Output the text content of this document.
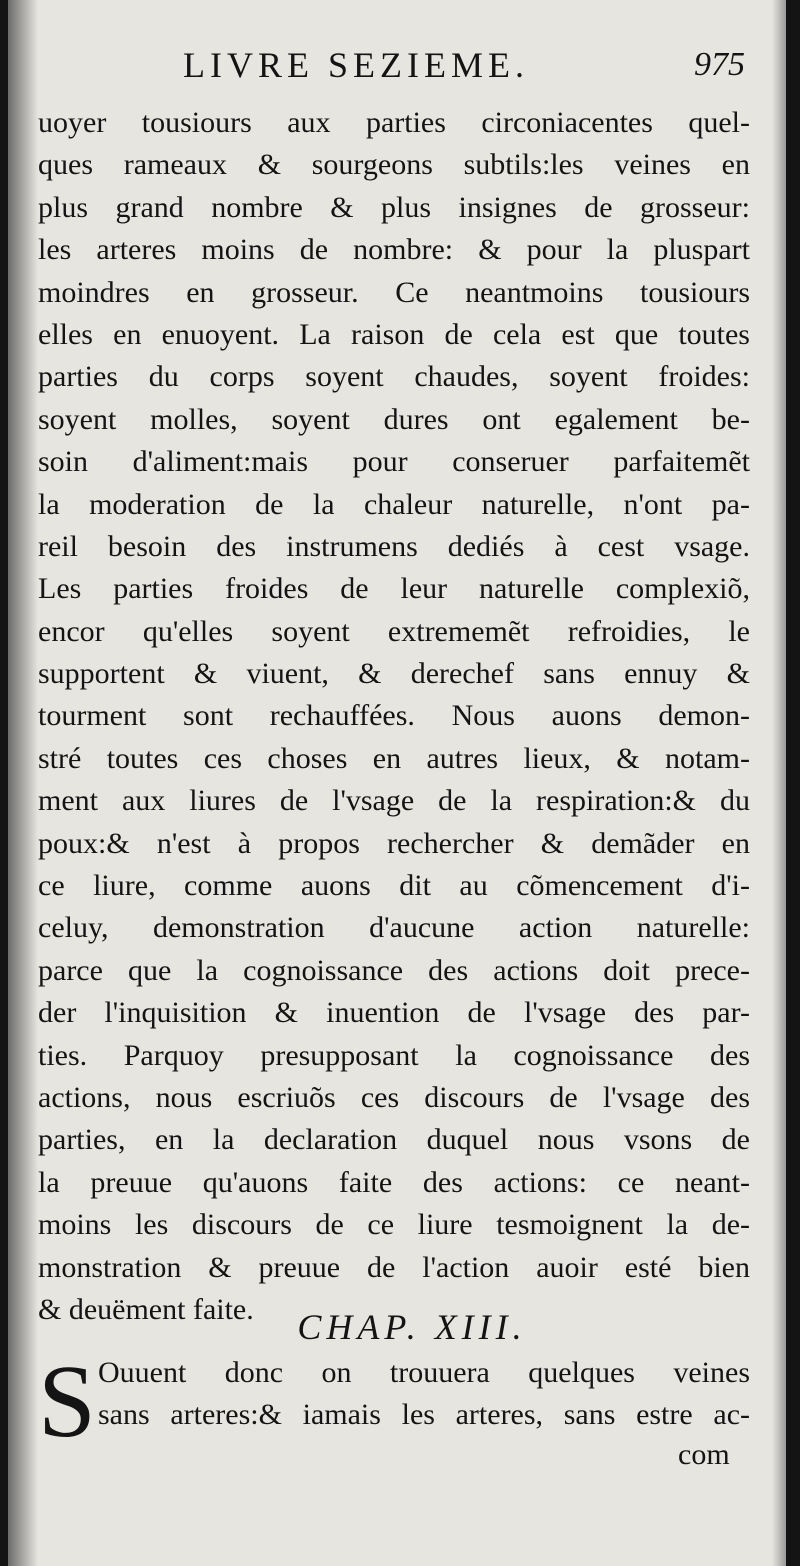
LIVRE SEZIEME.	975
uoyer tousiours aux parties circoniacentes quel-
ques rameaux & sourgeons subtils:les veines en
plus grand nombre & plus insignes de grosseur:
les arteres moins de nombre: & pour la pluspart
moindres en grosseur. Ce neantmoins tousiours
elles en enuoyent. La raison de cela est que toutes
parties du corps soyent chaudes, soyent froides:
soyent molles, soyent dures ont egalement be-
soin d'aliment:mais pour conseruer parfaitemẽt
la moderation de la chaleur naturelle, n'ont pa-
reil besoin des instrumens dediés à cest vsage.
Les parties froides de leur naturelle complexiõ,
encor qu'elles soyent extrememẽt refroidies, le
supportent & viuent, & derechef sans ennuy &
tourment sont rechauffées. Nous auons demon-
stré toutes ces choses en autres lieux, & notam-
ment aux liures de l'vsage de la respiration:& du
poux:& n'est à propos rechercher & demãder en
ce liure, comme auons dit au cõmencement d'i-
celuy, demonstration d'aucune action naturelle:
parce que la cognoissance des actions doit prece-
der l'inquisition & inuention de l'vsage des par-
ties. Parquoy presupposant la cognoissance des
actions, nous escriuõs ces discours de l'vsage des
parties, en la declaration duquel nous vsons de
la preuue qu'auons faite des actions: ce neant-
moins les discours de ce liure tesmoignent la de-
monstration & preuue de l'action auoir esté bien
& deuëment faite.	CHAP. XIII.
S Ouuent donc on trouuera quelques veines
sans arteres:& iamais les arteres, sans estre ac-
com
